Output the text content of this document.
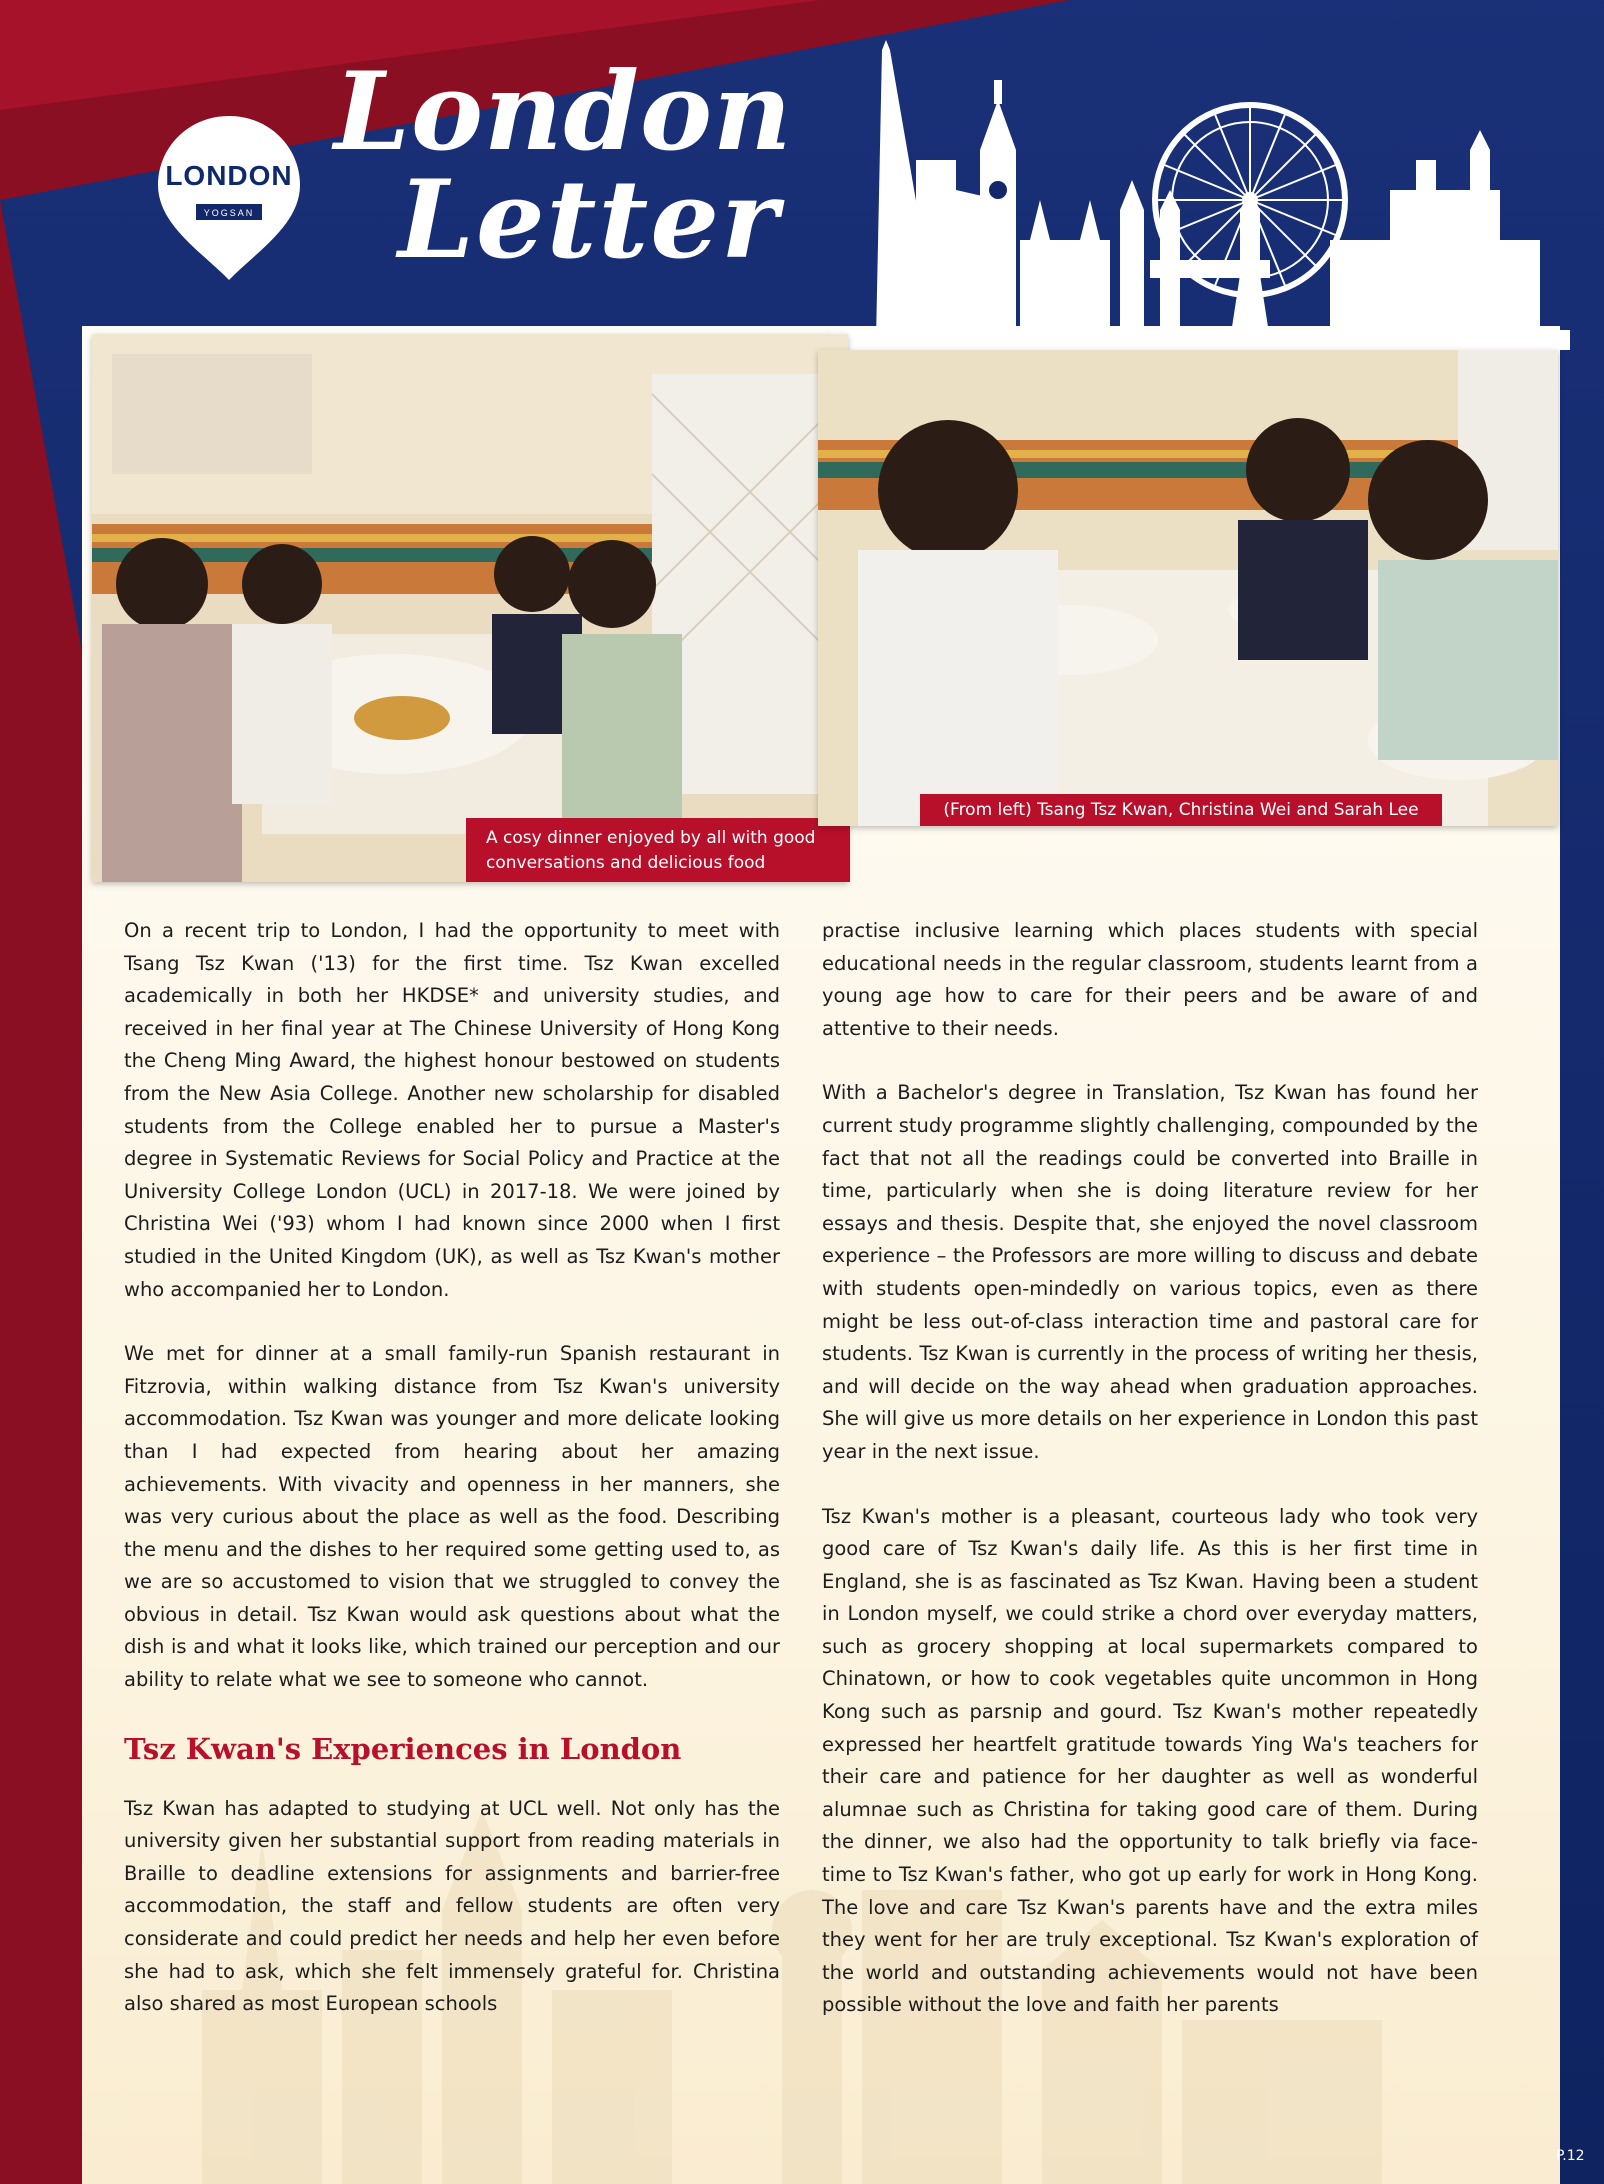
LONDON
YOGSAN
London
Letter
A cosy dinner enjoyed by all with good conversations and delicious food
(From left) Tsang Tsz Kwan, Christina Wei and Sarah Lee

On a recent trip to London, I had the opportunity to meet with Tsang Tsz Kwan ('13) for the first time. Tsz Kwan excelled academically in both her HKDSE* and university studies, and received in her final year at The Chinese University of Hong Kong the Cheng Ming Award, the highest honour bestowed on students from the New Asia College. Another new scholarship for disabled students from the College enabled her to pursue a Master's degree in Systematic Reviews for Social Policy and Practice at the University College London (UCL) in 2017-18. We were joined by Christina Wei ('93) whom I had known since 2000 when I first studied in the United Kingdom (UK), as well as Tsz Kwan's mother who accompanied her to London.

We met for dinner at a small family-run Spanish restaurant in Fitzrovia, within walking distance from Tsz Kwan's university accommodation. Tsz Kwan was younger and more delicate looking than I had expected from hearing about her amazing achievements. With vivacity and openness in her manners, she was very curious about the place as well as the food. Describing the menu and the dishes to her required some getting used to, as we are so accustomed to vision that we struggled to convey the obvious in detail. Tsz Kwan would ask questions about what the dish is and what it looks like, which trained our perception and our ability to relate what we see to someone who cannot.

Tsz Kwan's Experiences in London

Tsz Kwan has adapted to studying at UCL well. Not only has the university given her substantial support from reading materials in Braille to deadline extensions for assignments and barrier-free accommodation, the staff and fellow students are often very considerate and could predict her needs and help her even before she had to ask, which she felt immensely grateful for. Christina also shared as most European schools

practise inclusive learning which places students with special educational needs in the regular classroom, students learnt from a young age how to care for their peers and be aware of and attentive to their needs.

With a Bachelor's degree in Translation, Tsz Kwan has found her current study programme slightly challenging, compounded by the fact that not all the readings could be converted into Braille in time, particularly when she is doing literature review for her essays and thesis. Despite that, she enjoyed the novel classroom experience – the Professors are more willing to discuss and debate with students open-mindedly on various topics, even as there might be less out-of-class interaction time and pastoral care for students. Tsz Kwan is currently in the process of writing her thesis, and will decide on the way ahead when graduation approaches. She will give us more details on her experience in London this past year in the next issue.

Tsz Kwan's mother is a pleasant, courteous lady who took very good care of Tsz Kwan's daily life. As this is her first time in England, she is as fascinated as Tsz Kwan. Having been a student in London myself, we could strike a chord over everyday matters, such as grocery shopping at local supermarkets compared to Chinatown, or how to cook vegetables quite uncommon in Hong Kong such as parsnip and gourd. Tsz Kwan's mother repeatedly expressed her heartfelt gratitude towards Ying Wa's teachers for their care and patience for her daughter as well as wonderful alumnae such as Christina for taking good care of them. During the dinner, we also had the opportunity to talk briefly via face-time to Tsz Kwan's father, who got up early for work in Hong Kong. The love and care Tsz Kwan's parents have and the extra miles they went for her are truly exceptional. Tsz Kwan's exploration of the world and outstanding achievements would not have been possible without the love and faith her parents

P.12
